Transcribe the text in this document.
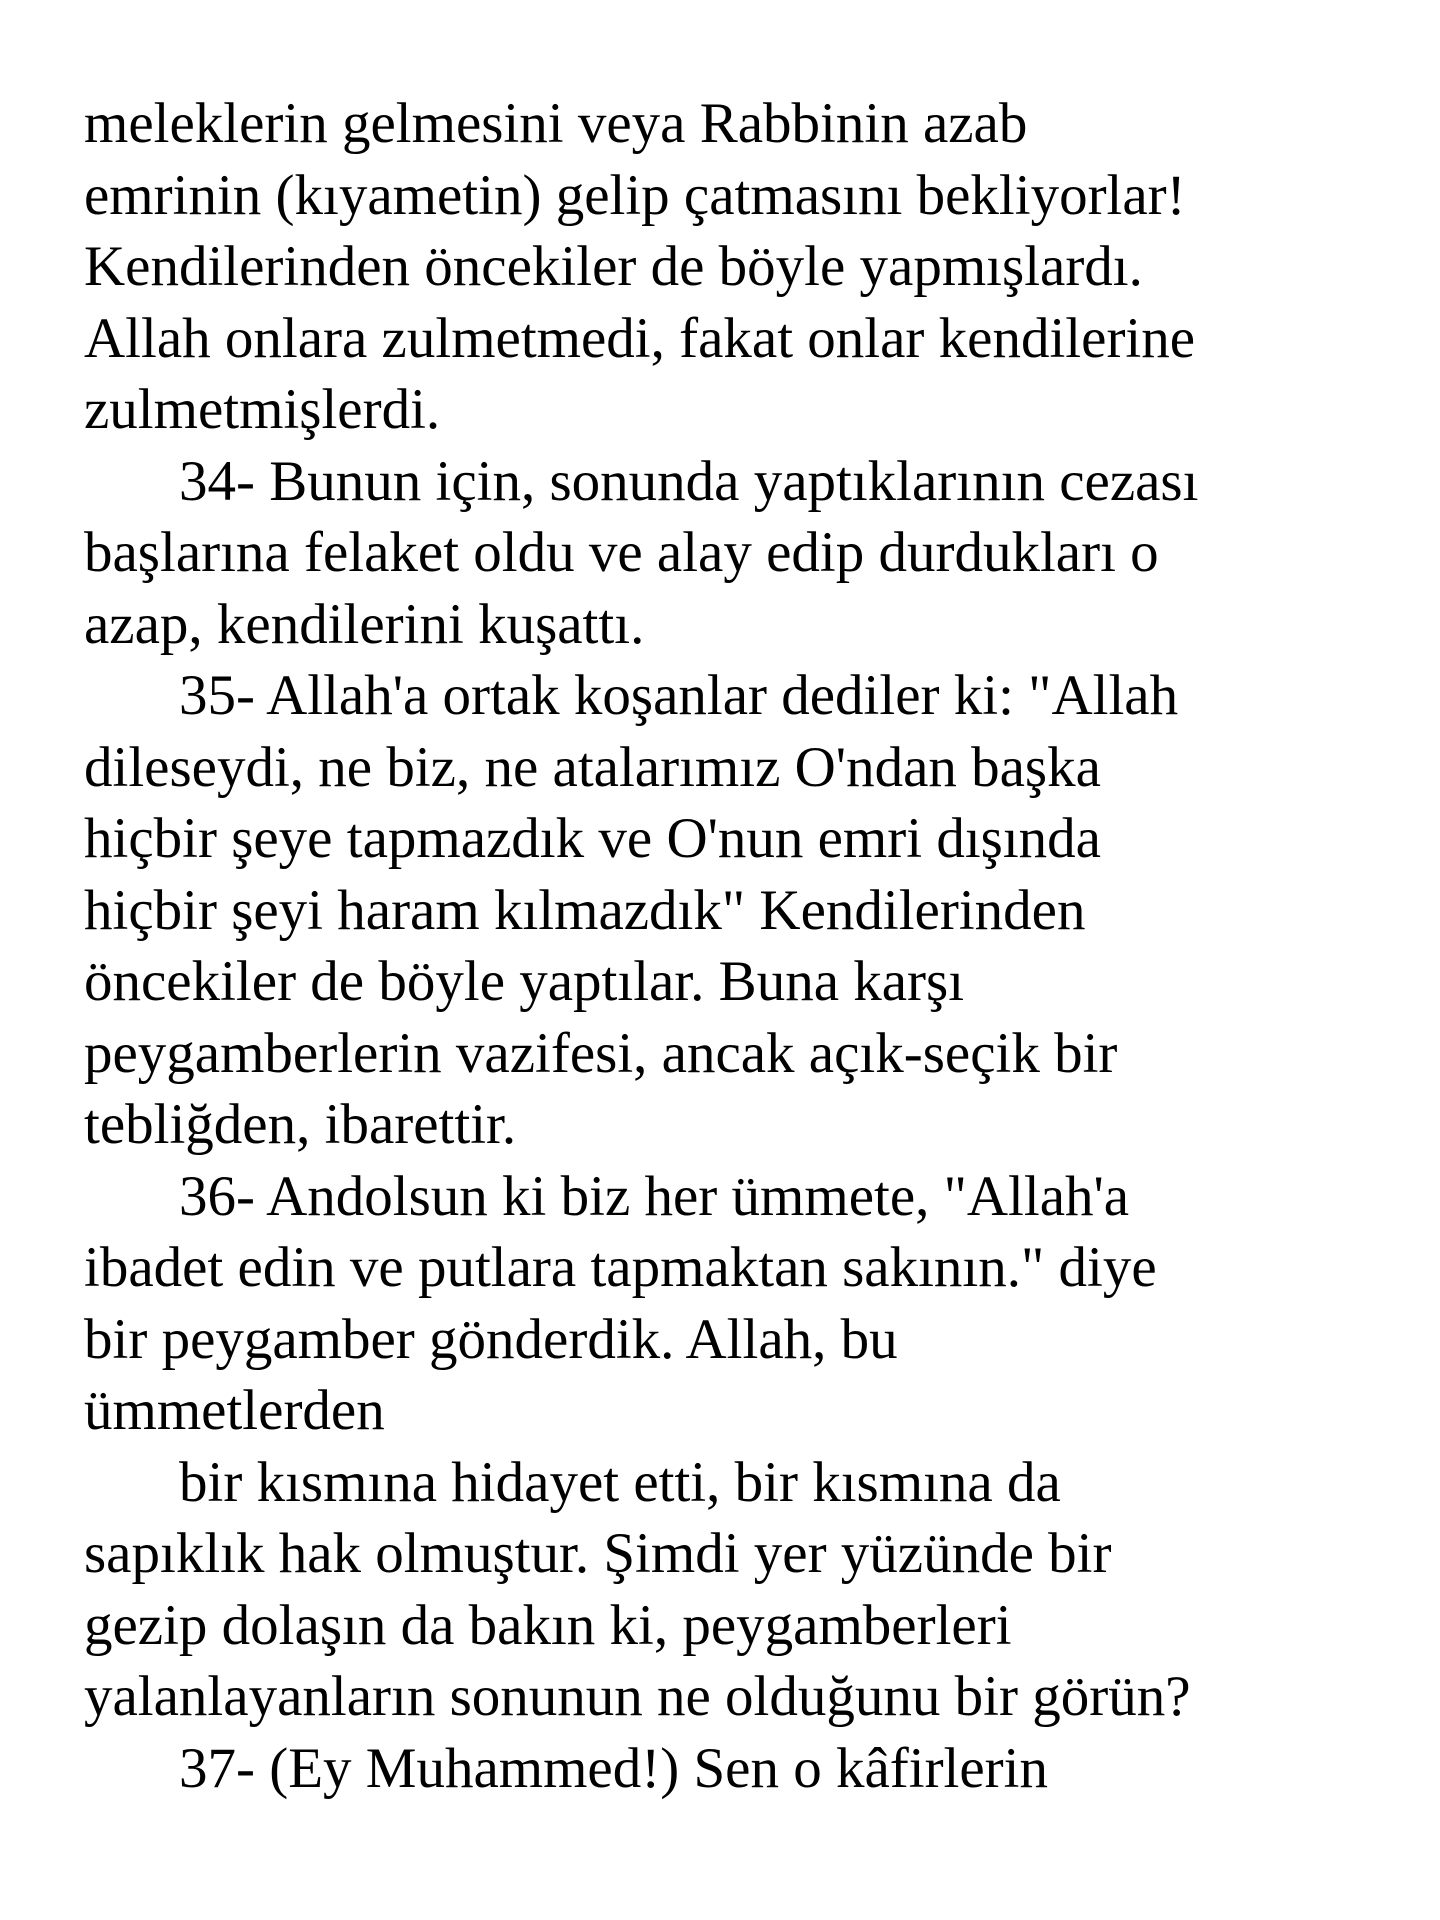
meleklerin gelmesini veya Rabbinin azab
emrinin (kıyametin) gelip çatmasını bekliyorlar!
Kendilerinden öncekiler de böyle yapmışlardı.
Allah onlara zulmetmedi, fakat onlar kendilerine
zulmetmişlerdi.
34- Bunun için, sonunda yaptıklarının cezası
başlarına felaket oldu ve alay edip durdukları o
azap, kendilerini kuşattı.
35- Allah'a ortak koşanlar dediler ki: "Allah
dileseydi, ne biz, ne atalarımız O'ndan başka
hiçbir şeye tapmazdık ve O'nun emri dışında
hiçbir şeyi haram kılmazdık" Kendilerinden
öncekiler de böyle yaptılar. Buna karşı
peygamberlerin vazifesi, ancak açık-seçik bir
tebliğden, ibarettir.
36- Andolsun ki biz her ümmete, "Allah'a
ibadet edin ve putlara tapmaktan sakının." diye
bir peygamber gönderdik. Allah, bu
ümmetlerden
bir kısmına hidayet etti, bir kısmına da
sapıklık hak olmuştur. Şimdi yer yüzünde bir
gezip dolaşın da bakın ki, peygamberleri
yalanlayanların sonunun ne olduğunu bir görün?
37- (Ey Muhammed!) Sen o kâfirlerin
